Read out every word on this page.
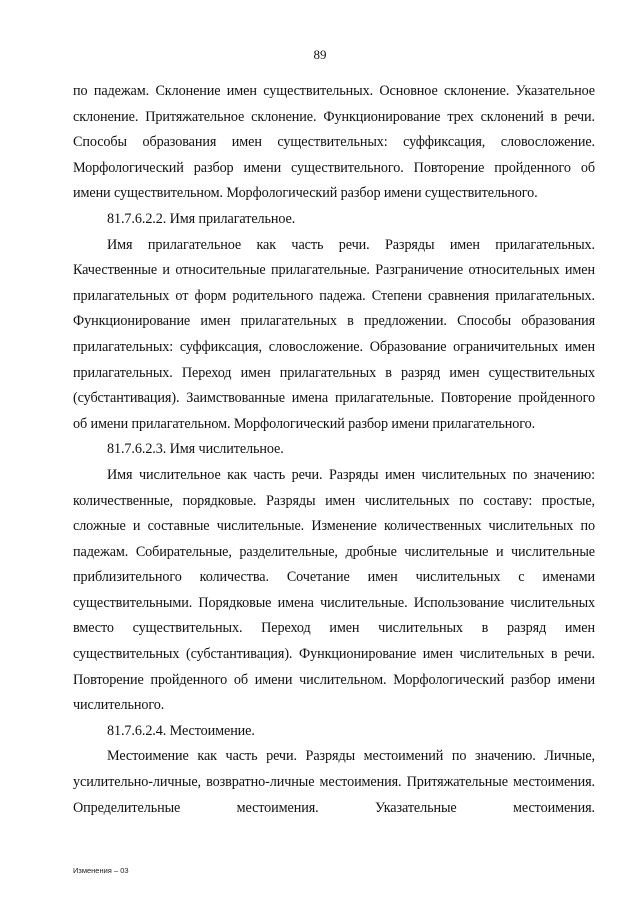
89

по падежам. Склонение имен существительных. Основное склонение. Указательное склонение. Притяжательное склонение. Функционирование трех склонений в речи. Способы образования имен существительных: суффиксация, словосложение. Морфологический разбор имени существительного. Повторение пройденного об имени существительном. Морфологический разбор имени существительного.

81.7.6.2.2. Имя прилагательное.

Имя прилагательное как часть речи. Разряды имен прилагательных. Качественные и относительные прилагательные. Разграничение относительных имен прилагательных от форм родительного падежа. Степени сравнения прилагательных. Функционирование имен прилагательных в предложении. Способы образования прилагательных: суффиксация, словосложение. Образование ограничительных имен прилагательных. Переход имен прилагательных в разряд имен существительных (субстантивация). Заимствованные имена прилагательные. Повторение пройденного об имени прилагательном. Морфологический разбор имени прилагательного.

81.7.6.2.3. Имя числительное.

Имя числительное как часть речи. Разряды имен числительных по значению: количественные, порядковые. Разряды имен числительных по составу: простые, сложные и составные числительные. Изменение количественных числительных по падежам. Собирательные, разделительные, дробные числительные и числительные приблизительного количества. Сочетание имен числительных с именами существительными. Порядковые имена числительные. Использование числительных вместо существительных. Переход имен числительных в разряд имен существительных (субстантивация). Функционирование имен числительных в речи. Повторение пройденного об имени числительном. Морфологический разбор имени числительного.

81.7.6.2.4. Местоимение.

Местоимение как часть речи. Разряды местоимений по значению. Личные, усилительно-личные, возвратно-личные местоимения. Притяжательные местоимения. Определительные местоимения. Указательные местоимения.

Изменения – 03
